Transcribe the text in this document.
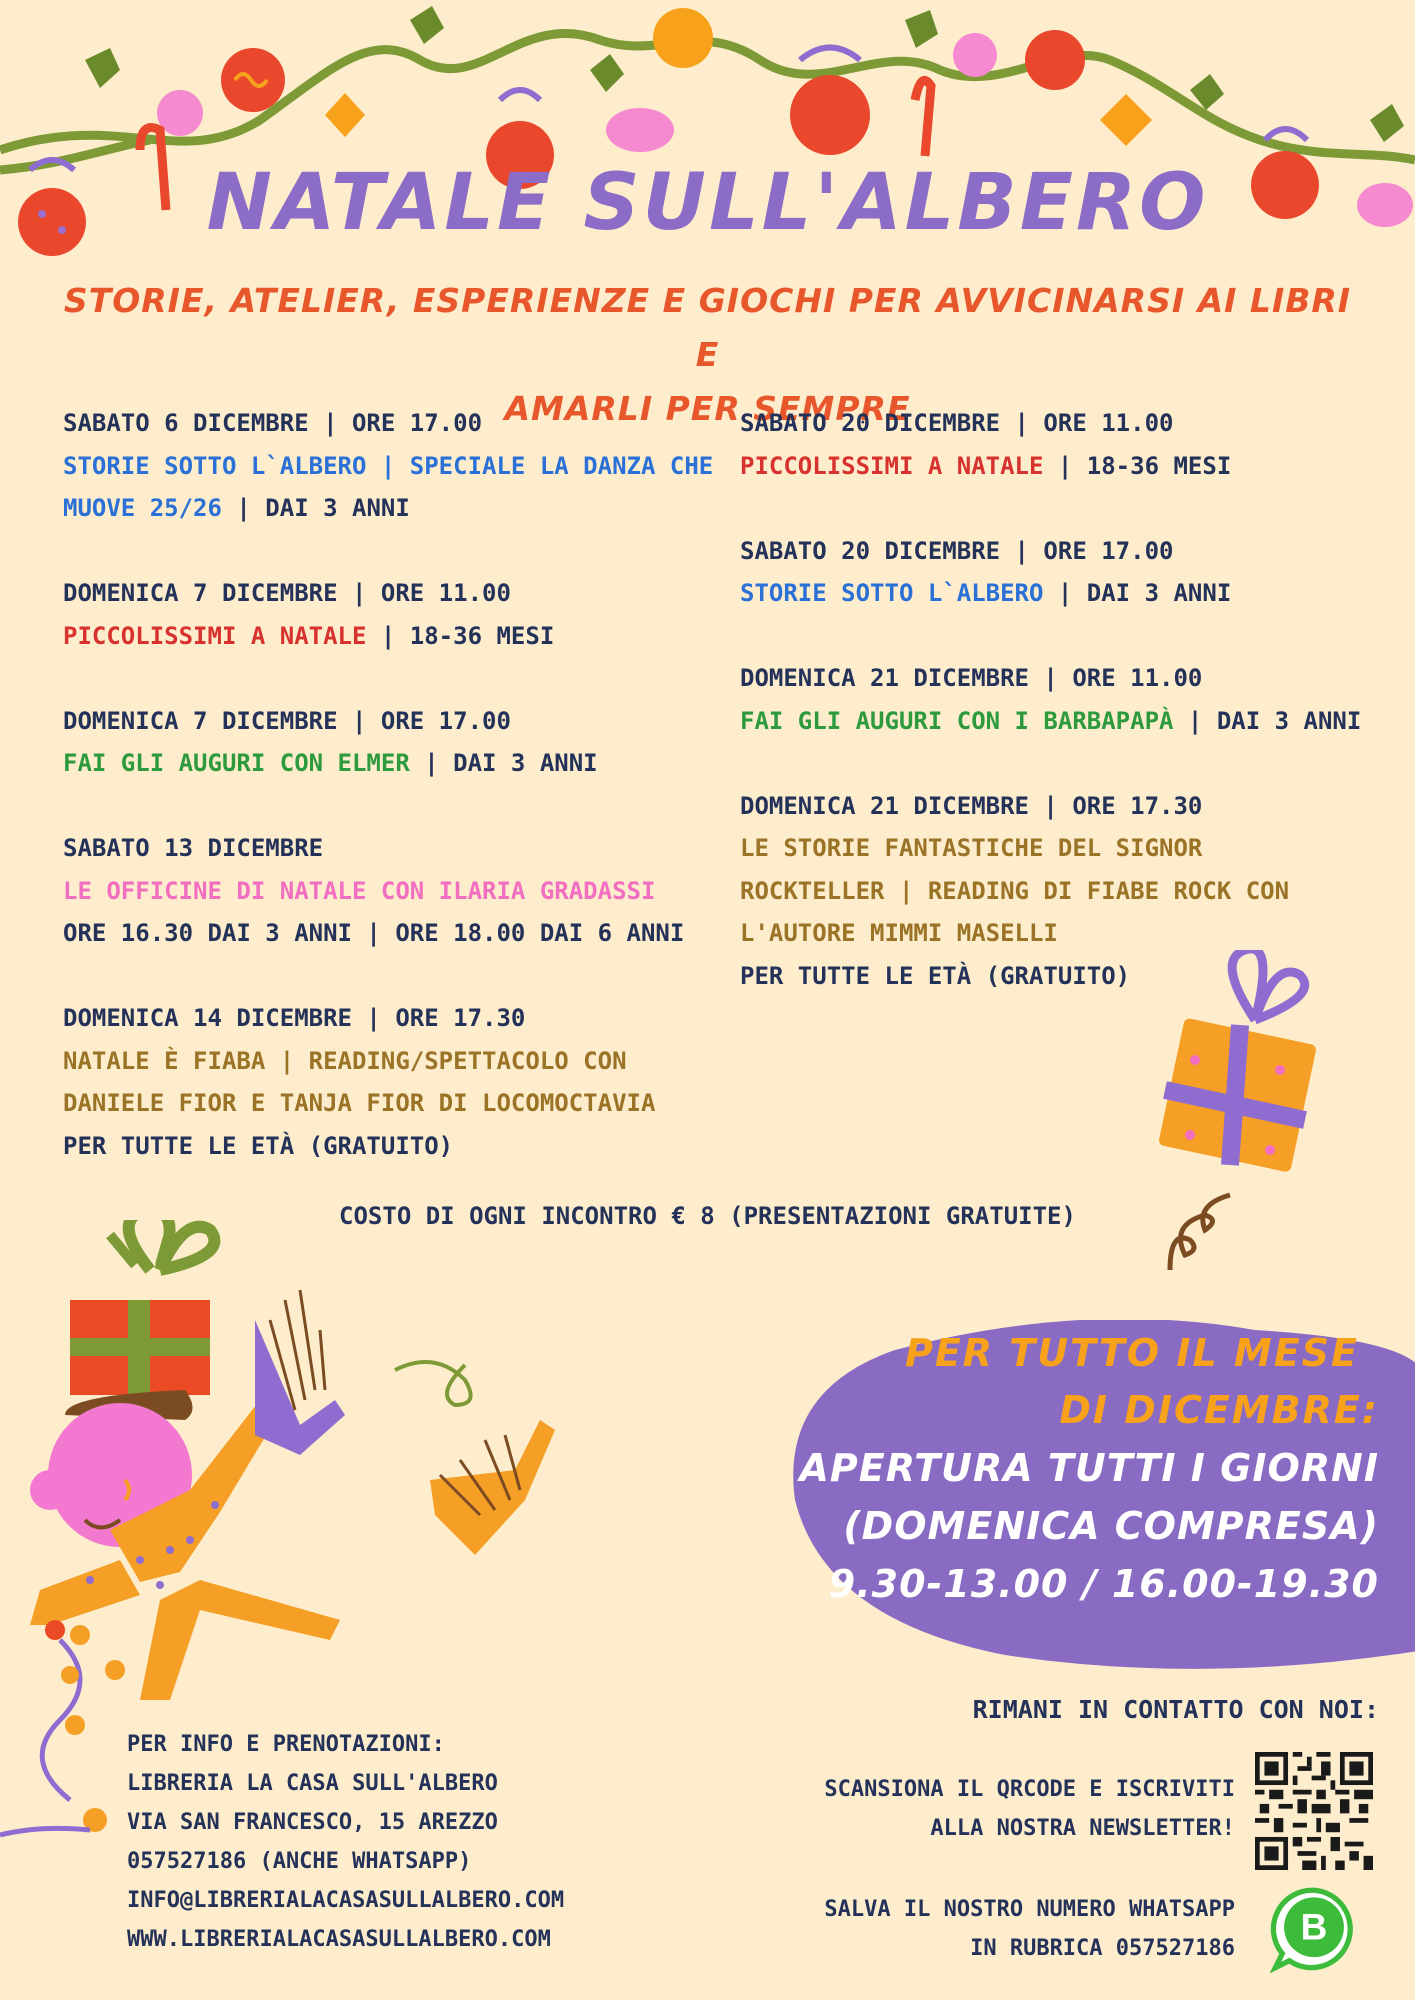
NATALE SULL'ALBERO
STORIE, ATELIER, ESPERIENZE E GIOCHI PER AVVICINARSI AI LIBRI E
AMARLI PER SEMPRE
SABATO 6 DICEMBRE | ORE 17.00
STORIE SOTTO L`ALBERO | SPECIALE LA DANZA CHE
MUOVE 25/26 | DAI 3 ANNI
DOMENICA 7 DICEMBRE | ORE 11.00
PICCOLISSIMI A NATALE | 18-36 MESI
DOMENICA 7 DICEMBRE | ORE 17.00
FAI GLI AUGURI CON ELMER | DAI 3 ANNI
SABATO 13 DICEMBRE
LE OFFICINE DI NATALE CON ILARIA GRADASSI
ORE 16.30 DAI 3 ANNI | ORE 18.00 DAI 6 ANNI
DOMENICA 14 DICEMBRE | ORE 17.30
NATALE È FIABA | READING/SPETTACOLO CON
DANIELE FIOR E TANJA FIOR DI LOCOMOCTAVIA
PER TUTTE LE ETÀ (GRATUITO)
SABATO 20 DICEMBRE | ORE 11.00
PICCOLISSIMI A NATALE | 18-36 MESI
SABATO 20 DICEMBRE | ORE 17.00
STORIE SOTTO L`ALBERO | DAI 3 ANNI
DOMENICA 21 DICEMBRE | ORE 11.00
FAI GLI AUGURI CON I BARBAPAPÀ | DAI 3 ANNI
DOMENICA 21 DICEMBRE | ORE 17.30
LE STORIE FANTASTICHE DEL SIGNOR
ROCKTELLER | READING DI FIABE ROCK CON
L'AUTORE MIMMI MASELLI
PER TUTTE LE ETÀ (GRATUITO)
COSTO DI OGNI INCONTRO € 8 (PRESENTAZIONI GRATUITE)
PER TUTTO IL MESE
DI DICEMBRE:
APERTURA TUTTI I GIORNI
(DOMENICA COMPRESA)
9.30-13.00 / 16.00-19.30
PER INFO E PRENOTAZIONI:
LIBRERIA LA CASA SULL'ALBERO
VIA SAN FRANCESCO, 15 AREZZO
057527186 (ANCHE WHATSAPP)
INFO@LIBRERIALACASASULLALBERO.COM
WWW.LIBRERIALACASASULLALBERO.COM
RIMANI IN CONTATTO CON NOI:
SCANSIONA IL QRCODE E ISCRIVITI
ALLA NOSTRA NEWSLETTER!
SALVA IL NOSTRO NUMERO WHATSAPP
IN RUBRICA 057527186
B
